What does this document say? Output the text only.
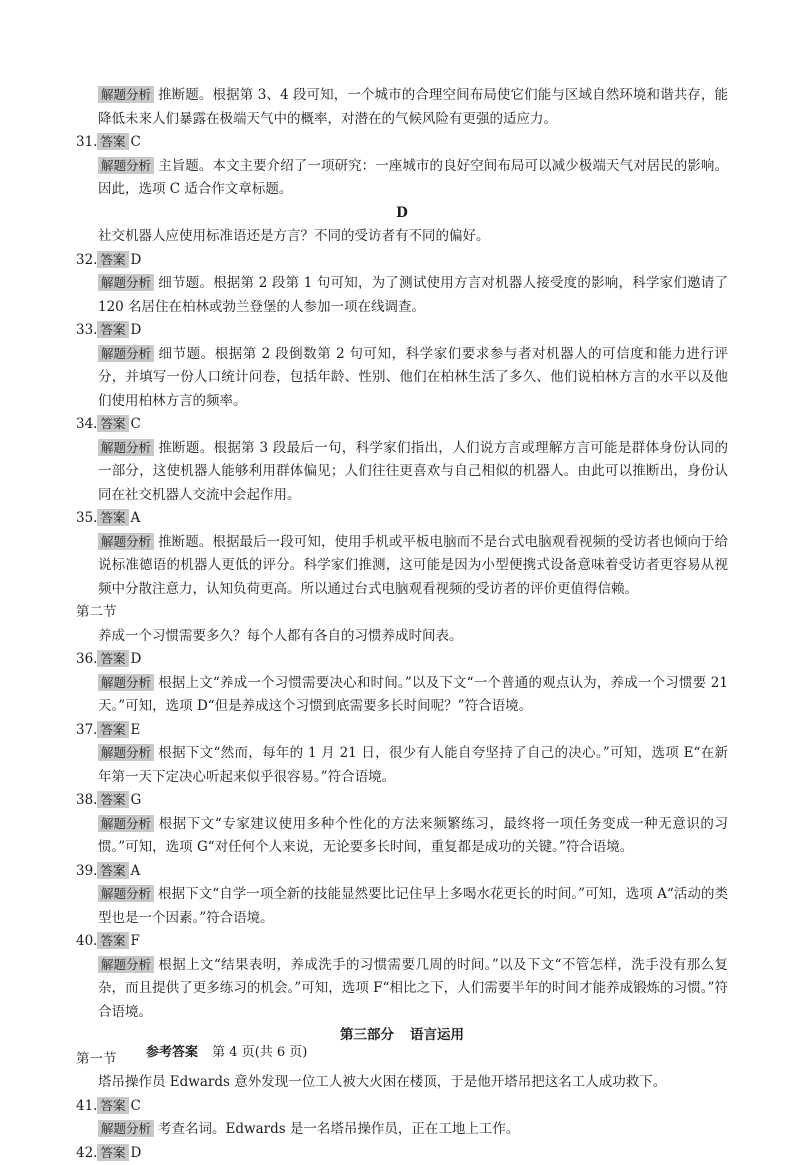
解题分析 推断题。根据第 3、4 段可知，一个城市的合理空间布局使它们能与区域自然环境和谐共存，能降低未来人们暴露在极端天气中的概率，对潜在的气候风险有更强的适应力。

31. 答案 C

解题分析 主旨题。本文主要介绍了一项研究：一座城市的良好空间布局可以减少极端天气对居民的影响。因此，选项 C 适合作文章标题。

D

社交机器人应使用标准语还是方言？不同的受访者有不同的偏好。

32. 答案 D

解题分析 细节题。根据第 2 段第 1 句可知，为了测试使用方言对机器人接受度的影响，科学家们邀请了 120 名居住在柏林或勃兰登堡的人参加一项在线调查。

33. 答案 D

解题分析 细节题。根据第 2 段倒数第 2 句可知，科学家们要求参与者对机器人的可信度和能力进行评分，并填写一份人口统计问卷，包括年龄、性别、他们在柏林生活了多久、他们说柏林方言的水平以及他们使用柏林方言的频率。

34. 答案 C

解题分析 推断题。根据第 3 段最后一句，科学家们指出，人们说方言或理解方言可能是群体身份认同的一部分，这使机器人能够利用群体偏见；人们往往更喜欢与自己相似的机器人。由此可以推断出，身份认同在社交机器人交流中会起作用。

35. 答案 A

解题分析 推断题。根据最后一段可知，使用手机或平板电脑而不是台式电脑观看视频的受访者也倾向于给说标准德语的机器人更低的评分。科学家们推测，这可能是因为小型便携式设备意味着受访者更容易从视频中分散注意力，认知负荷更高。所以通过台式电脑观看视频的受访者的评价更值得信赖。

第二节

养成一个习惯需要多久？每个人都有各自的习惯养成时间表。

36. 答案 D

解题分析 根据上文“养成一个习惯需要决心和时间。”以及下文“一个普通的观点认为，养成一个习惯要 21 天。”可知，选项 D“但是养成这个习惯到底需要多长时间呢？”符合语境。

37. 答案 E

解题分析 根据下文“然而，每年的 1 月 21 日，很少有人能自夸坚持了自己的决心。”可知，选项 E“在新年第一天下定决心听起来似乎很容易。”符合语境。

38. 答案 G

解题分析 根据下文“专家建议使用多种个性化的方法来频繁练习，最终将一项任务变成一种无意识的习惯。”可知，选项 G“对任何个人来说，无论要多长时间，重复都是成功的关键。”符合语境。

39. 答案 A

解题分析 根据下文“自学一项全新的技能显然要比记住早上多喝水花更长的时间。”可知，选项 A“活动的类型也是一个因素。”符合语境。

40. 答案 F

解题分析 根据上文“结果表明，养成洗手的习惯需要几周的时间。”以及下文“不管怎样，洗手没有那么复杂，而且提供了更多练习的机会。”可知，选项 F“相比之下，人们需要半年的时间才能养成锻炼的习惯。”符合语境。

第三部分 语言运用

第一节

塔吊操作员 Edwards 意外发现一位工人被大火困在楼顶，于是他开塔吊把这名工人成功救下。

41. 答案 C

解题分析 考查名词。Edwards 是一名塔吊操作员，正在工地上工作。

42. 答案 D

参考答案 第 4 页(共 6 页)
